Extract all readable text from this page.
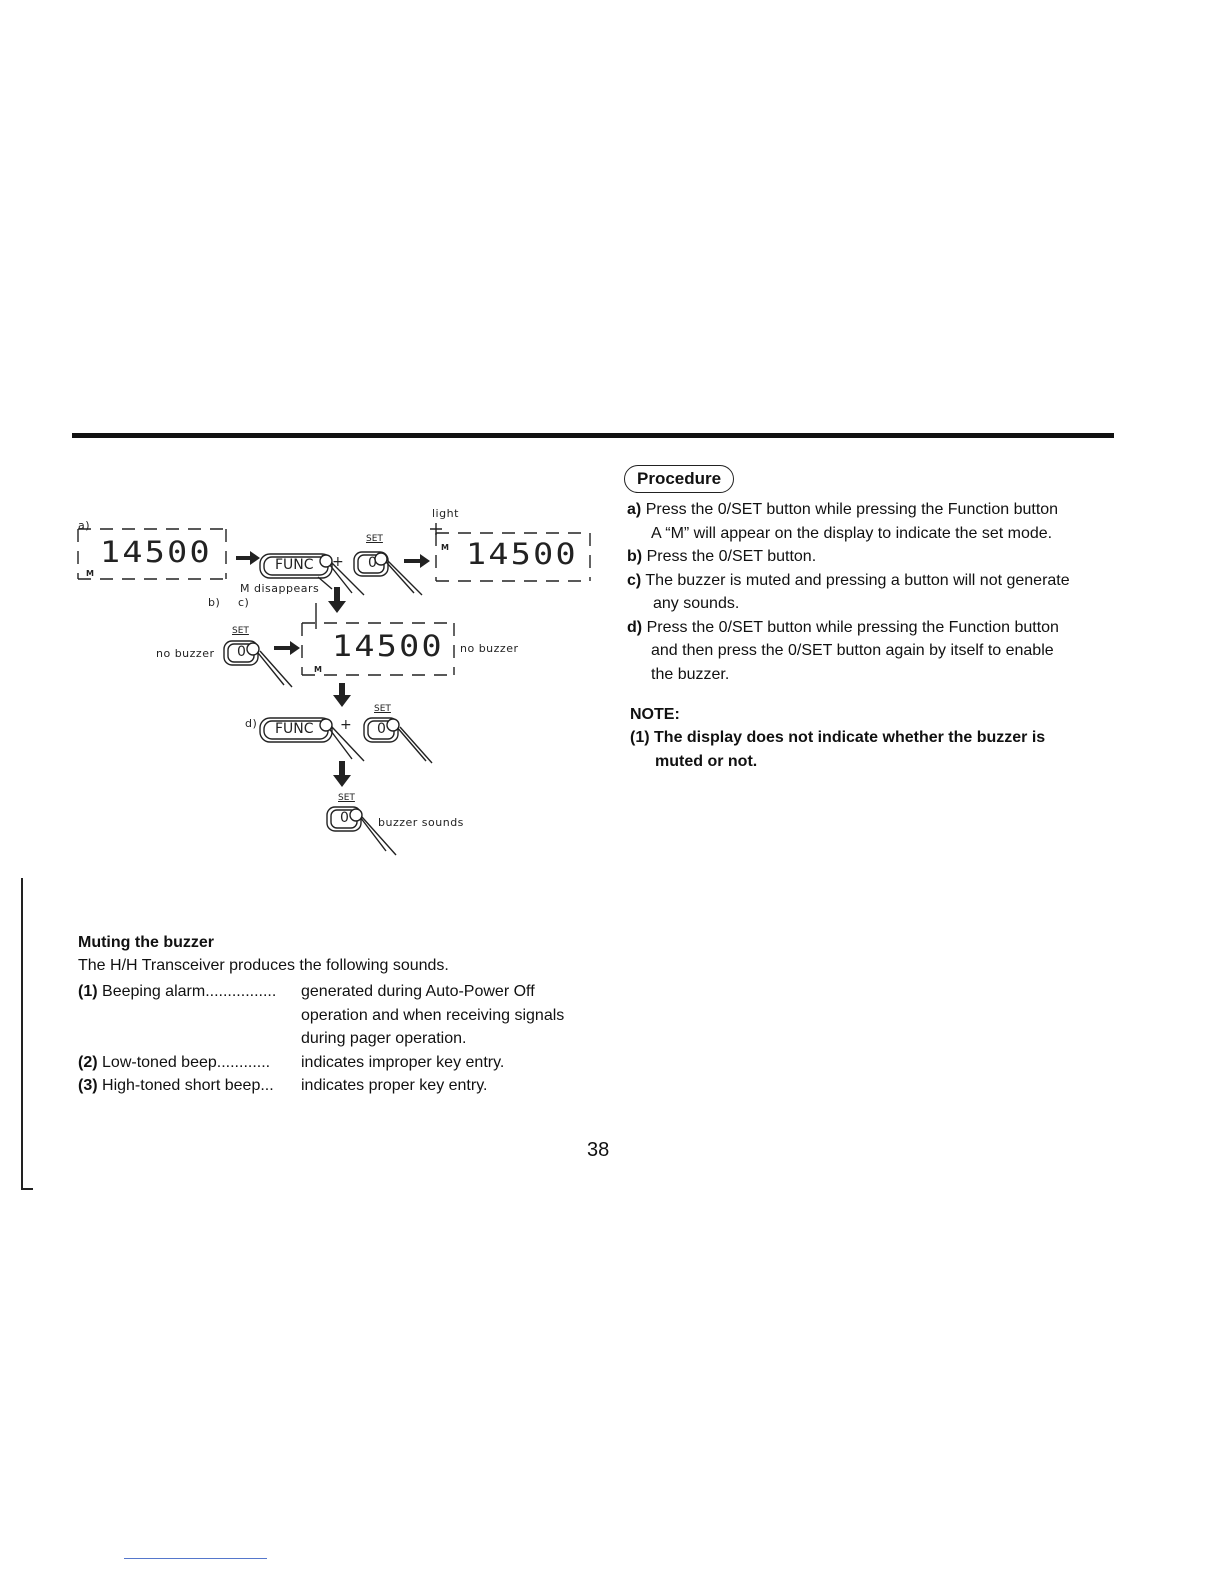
a)
b) c)
d)
light
M disappears
no buzzer	no buzzer
buzzer sounds
14500
M
14500
M
14500
M
FUNC	0
SET
+
0
SET
FUNC + 0
SET
0
SET
Procedure

a) Press the 0/SET button while pressing the Function button

A “M” will appear on the display to indicate the set mode.

b) Press the 0/SET button.

c) The buzzer is muted and pressing a button will not generate

any sounds.

d) Press the 0/SET button while pressing the Function button

and then press the 0/SET button again by itself to enable

the buzzer.

NOTE:
(1) The display does not indicate whether the buzzer is
muted or not.
Muting the buzzer
The H/H Transceiver produces the following sounds.
(1) Beeping alarm................ generated during Auto-Power Off
operation and when receiving signals
during pager operation.
(2) Low-toned beep............ indicates improper key entry.
(3) High-toned short beep... indicates proper key entry.
38
